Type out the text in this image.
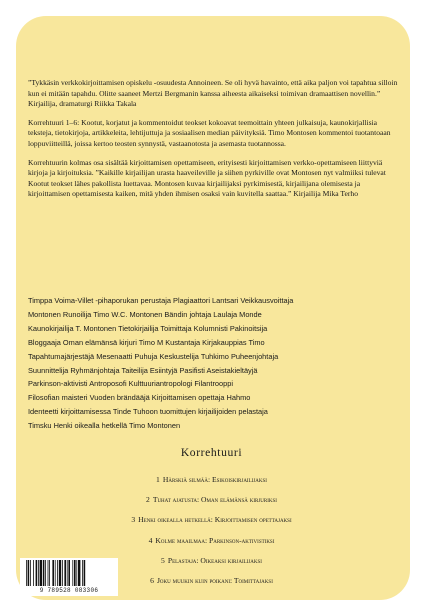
”Tykkäsin verkkokirjoittamisen opiskelu -osuudesta Annoineen. Se oli hyvä havainto, että aika paljon voi tapahtua silloin kun ei mitään tapahdu. Olitte saaneet Mertzi Bergmanin kanssa aiheesta aikaiseksi toimivan dramaattisen novellin.” Kirjailija, dramaturgi Riikka Takala

Korrehtuuri 1–6: Kootut, korjatut ja kommentoidut teokset kokoavat teemoittain yhteen julkaisuja, kaunokirjallisia teksteja, tietokirjoja, artikkeleita, lehtijuttuja ja sosiaalisen median päivityksiä. Timo Montosen kommentoi tuotantoaan loppuviitteillä, joissa kertoo teosten synnystä, vastaanotosta ja asemasta tuotannossa.

Korrehtuurin kolmas osa sisältää kirjoittamisen opettamiseen, erityisesti kirjoittamisen verkko-opettamiseen liittyviä kirjoja ja kirjoituksia. ”Kaikille kirjailijan urasta haaveileville ja siihen pyrkiville ovat Montosen nyt valmiiksi tulevat Kootut teokset lähes pakollista luettavaa. Montosen kuvaa kirjailijaksi pyrkimisestä, kirjailijana olemisesta ja kirjoittamisen opettamisesta kaiken, mitä yhden ihmisen osaksi vain kuvitella saattaa.” Kirjailija Mika Terho

Timppa Voima-Villet -pihaporukan perustaja Plagiaattori Lantsari Veikkausvoittaja
Montonen Runoilija Timo W.C. Montonen Bändin johtaja Laulaja Monde
Kaunokirjailija T. Montonen Tietokirjailija Toimittaja Kolumnisti Pakinoitsija
Bloggaaja Oman elämänsä kirjuri Timo M Kustantaja Kirjakauppias Timo
Tapahtumajärjestäjä Mesenaatti Puhuja Keskustelija Tuhkimo Puheenjohtaja
Suunnittelija Ryhmänjohtaja Taiteilija Esiintyjä Pasifisti Aseistakieltäyjä
Parkinson-aktivisti Antroposofi Kulttuuriantropologi Filantrooppi
Filosofian maisteri Vuoden brändääjä Kirjoittamisen opettaja Hahmo
Identeetti kirjoittamisessa Tinde Tuhoon tuomittujen kirjailijoiden pelastaja
Timsku Henki oikealla hetkellä Timo Montonen
Korrehtuuri
1 Härskiä silmää: Esikoiskirjailijaksi
2 Tuhat ajatusta: Oman elämänsä kirjuriksi
3 Henki oikealla hetkellä: Kirjoittamisen opettajaksi
4 Kolme maailmaa: Parkinson-aktivistiksi
5 Pelastaja: Oikeaksi kirjailijaksi
6 Joku muukin kuin poikani: Toimittajaksi
9 789528 083306
